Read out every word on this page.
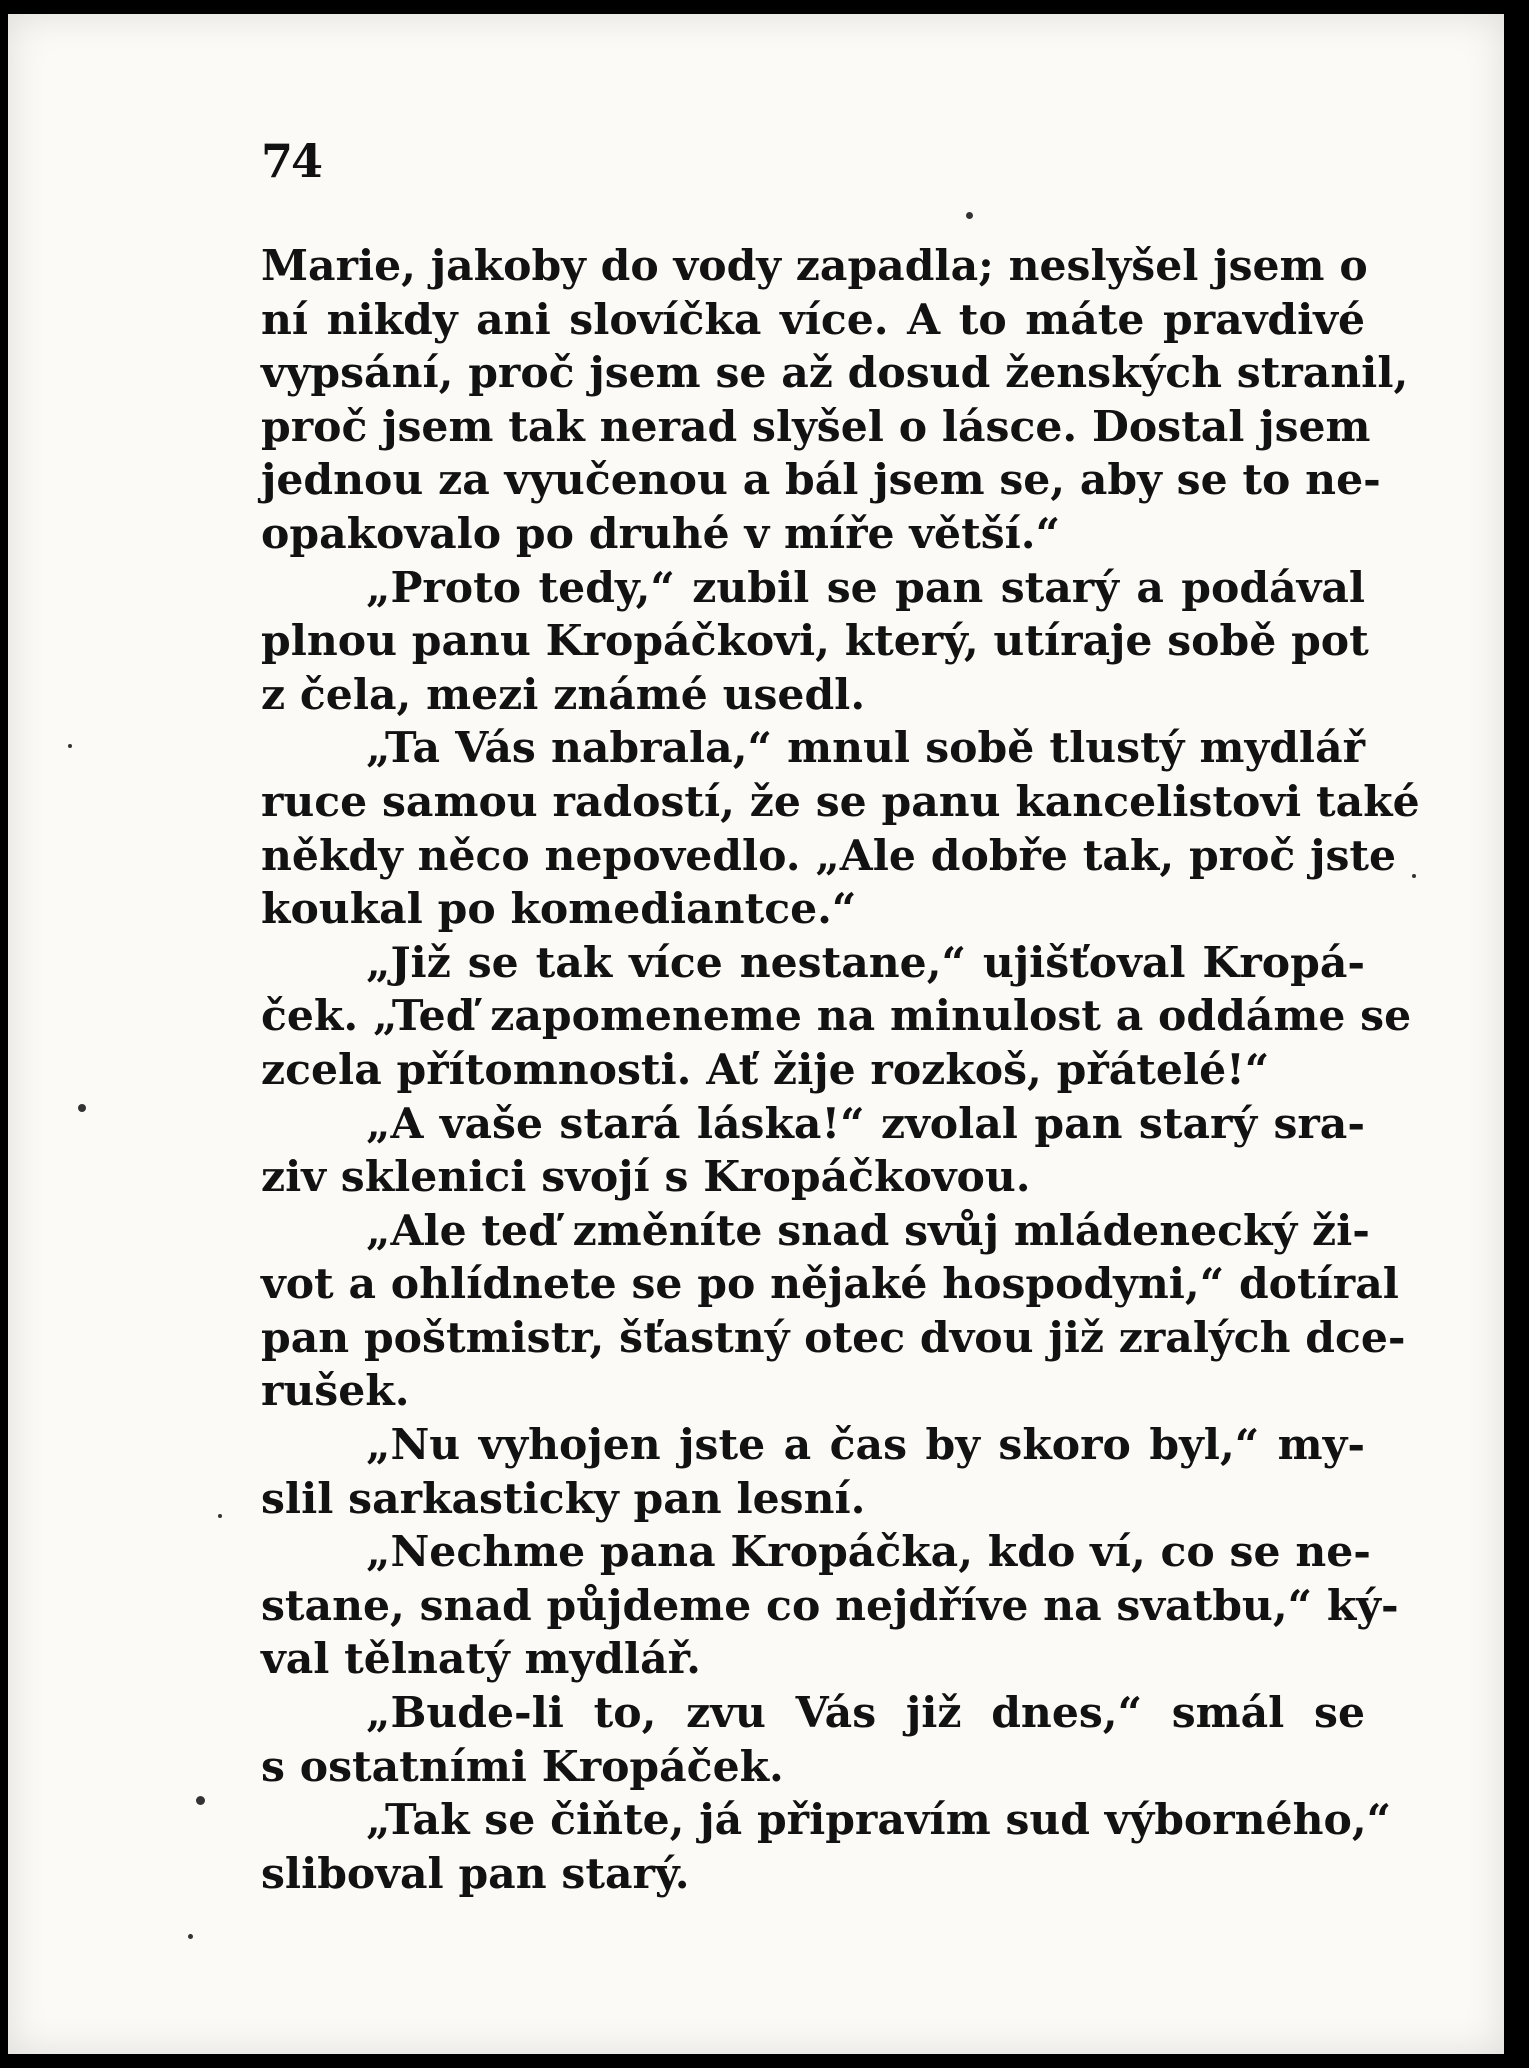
74
Marie, jakoby do vody zapadla; neslyšel jsem o
ní nikdy ani slovíčka více. A to máte pravdivé
vypsání, proč jsem se až dosud ženských stranil,
proč jsem tak nerad slyšel o lásce. Dostal jsem
jednou za vyučenou a bál jsem se, aby se to ne-
opakovalo po druhé v míře větší.“
„Proto tedy,“ zubil se pan starý a podával
plnou panu Kropáčkovi, který, utíraje sobě pot
z čela, mezi známé usedl.
„Ta Vás nabrala,“ mnul sobě tlustý mydlář
ruce samou radostí, že se panu kancelistovi také
někdy něco nepovedlo. „Ale dobře tak, proč jste
koukal po komediantce.“
„Již se tak více nestane,“ ujišťoval Kropá-
ček. „Teď zapomeneme na minulost a oddáme se
zcela přítomnosti. Ať žije rozkoš, přátelé!“
„A vaše stará láska!“ zvolal pan starý sra-
ziv sklenici svojí s Kropáčkovou.
„Ale teď změníte snad svůj mládenecký ži-
vot a ohlídnete se po nějaké hospodyni,“ dotíral
pan poštmistr, šťastný otec dvou již zralých dce-
rušek.
„Nu vyhojen jste a čas by skoro byl,“ my-
slil sarkasticky pan lesní.
„Nechme pana Kropáčka, kdo ví, co se ne-
stane, snad půjdeme co nejdříve na svatbu,“ ký-
val tělnatý mydlář.
„Bude-li to, zvu Vás již dnes,“ smál se
s ostatními Kropáček.
„Tak se čiňte, já připravím sud výborného,“
sliboval pan starý.
